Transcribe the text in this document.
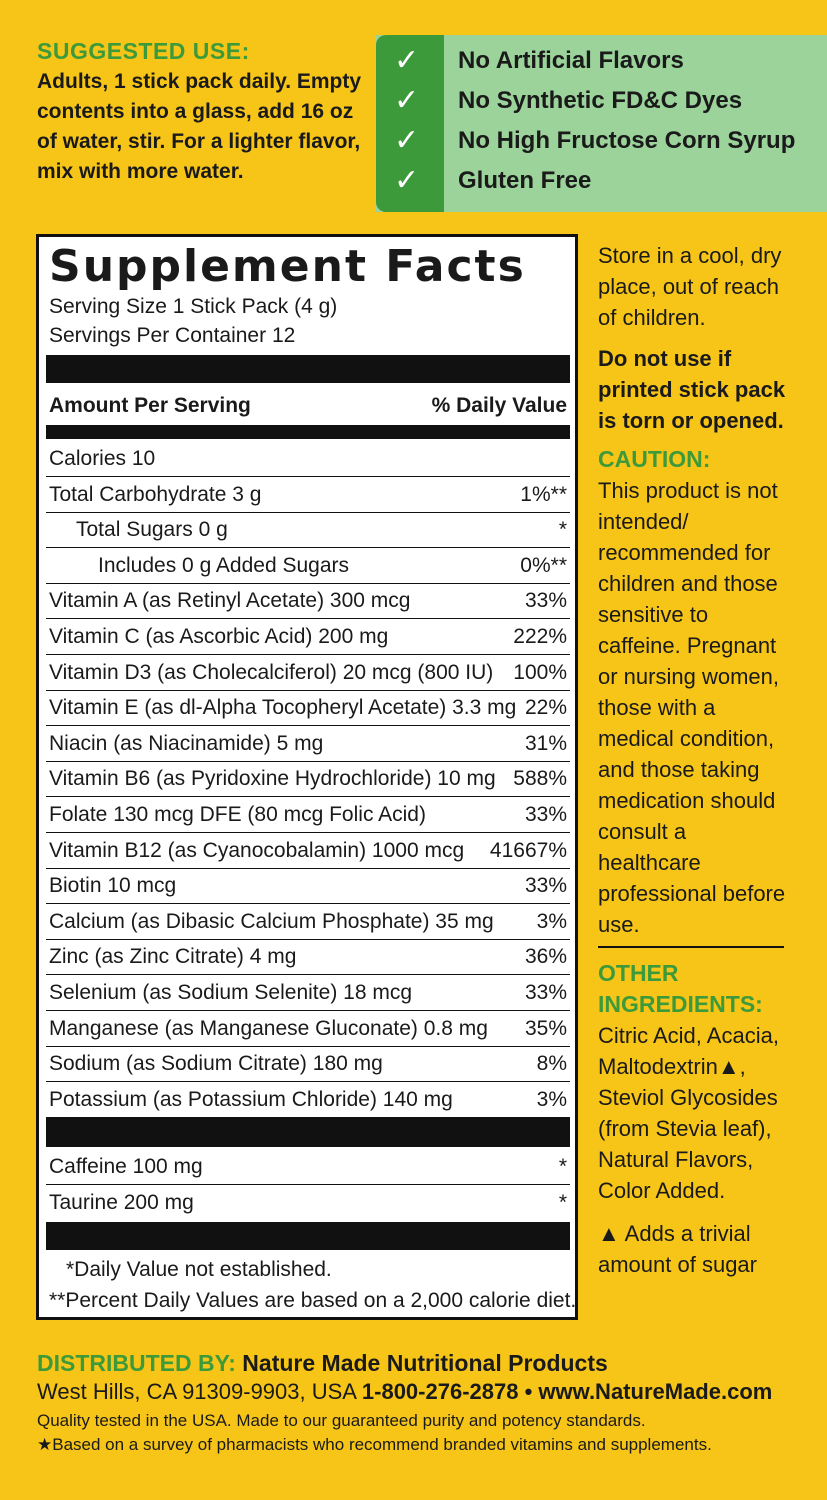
SUGGESTED USE:
Adults, 1 stick pack daily. Empty contents into a glass, add 16 oz of water, stir. For a lighter flavor, mix with more water.
✓ No Artificial Flavors
✓ No Synthetic FD&C Dyes
✓ No High Fructose Corn Syrup
✓ Gluten Free
Supplement Facts
Serving Size 1 Stick Pack (4 g)
Servings Per Container 12
Amount Per Serving	% Daily Value
Calories 10
Total Carbohydrate 3 g	1%**
Total Sugars 0 g	*
Includes 0 g Added Sugars	0%**
Vitamin A (as Retinyl Acetate) 300 mcg	33%
Vitamin C (as Ascorbic Acid) 200 mg	222%
Vitamin D3 (as Cholecalciferol) 20 mcg (800 IU) 100%
Vitamin E (as dl-Alpha Tocopheryl Acetate) 3.3 mg 22%
Niacin (as Niacinamide) 5 mg	31%
Vitamin B6 (as Pyridoxine Hydrochloride) 10 mg 588%
Folate 130 mcg DFE (80 mcg Folic Acid)	33%
Vitamin B12 (as Cyanocobalamin) 1000 mcg 41667%
Biotin 10 mcg	33%
Calcium (as Dibasic Calcium Phosphate) 35 mg 3%
Zinc (as Zinc Citrate) 4 mg	36%
Selenium (as Sodium Selenite) 18 mcg	33%
Manganese (as Manganese Gluconate) 0.8 mg 35%
Sodium (as Sodium Citrate) 180 mg	8%
Potassium (as Potassium Chloride) 140 mg	3%
Caffeine 100 mg	*
Taurine 200 mg	*
*Daily Value not established.
**Percent Daily Values are based on a 2,000 calorie diet.

Store in a cool, dry place, out of reach of children.

Do not use if printed stick pack is torn or opened.

CAUTION:

This product is not intended/ recommended for children and those sensitive to caffeine. Pregnant or nursing women, those with a medical condition, and those taking medication should consult a healthcare professional before use.

OTHER INGREDIENTS:

Citric Acid, Acacia, Maltodextrin▲, Steviol Glycosides (from Stevia leaf), Natural Flavors, Color Added.

▲ Adds a trivial amount of sugar

DISTRIBUTED BY: Nature Made Nutritional Products
West Hills, CA 91309-9903, USA 1-800-276-2878 • www.NatureMade.com
Quality tested in the USA. Made to our guaranteed purity and potency standards.
★Based on a survey of pharmacists who recommend branded vitamins and supplements.
